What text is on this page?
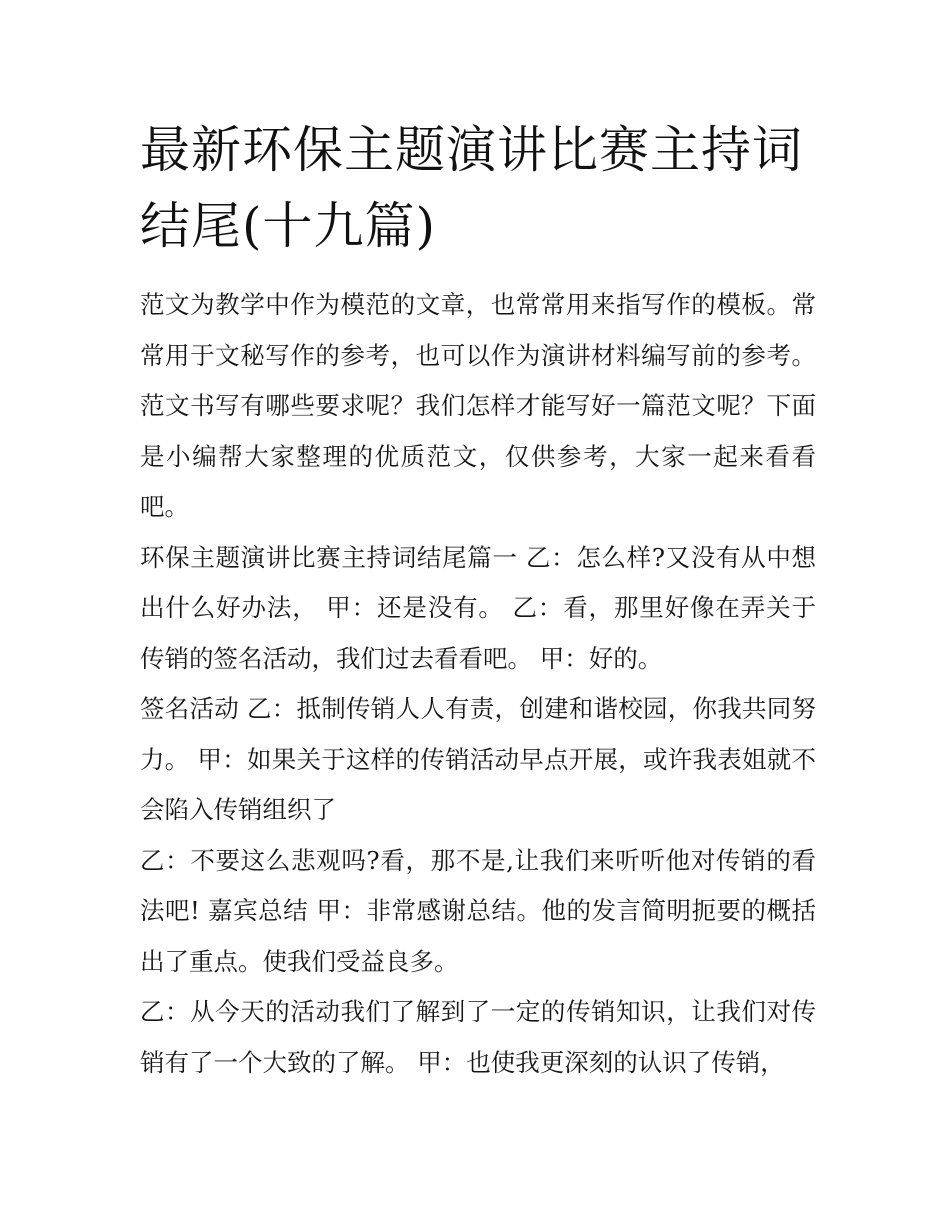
最新环保主题演讲比赛主持词结尾(十九篇)

范文为教学中作为模范的文章，也常常用来指写作的模板。常常用于文秘写作的参考，也可以作为演讲材料编写前的参考。范文书写有哪些要求呢？我们怎样才能写好一篇范文呢？下面是小编帮大家整理的优质范文，仅供参考，大家一起来看看吧。

环保主题演讲比赛主持词结尾篇一 乙：怎么样?又没有从中想出什么好办法， 甲：还是没有。 乙：看，那里好像在弄关于传销的签名活动，我们过去看看吧。 甲：好的。

签名活动 乙：抵制传销人人有责，创建和谐校园，你我共同努力。 甲：如果关于这样的传销活动早点开展，或许我表姐就不会陷入传销组织了

乙：不要这么悲观吗?看，那不是,让我们来听听他对传销的看法吧! 嘉宾总结 甲：非常感谢总结。他的发言简明扼要的概括出了重点。使我们受益良多。

乙：从今天的活动我们了解到了一定的传销知识，让我们对传销有了一个大致的了解。 甲：也使我更深刻的认识了传销，
